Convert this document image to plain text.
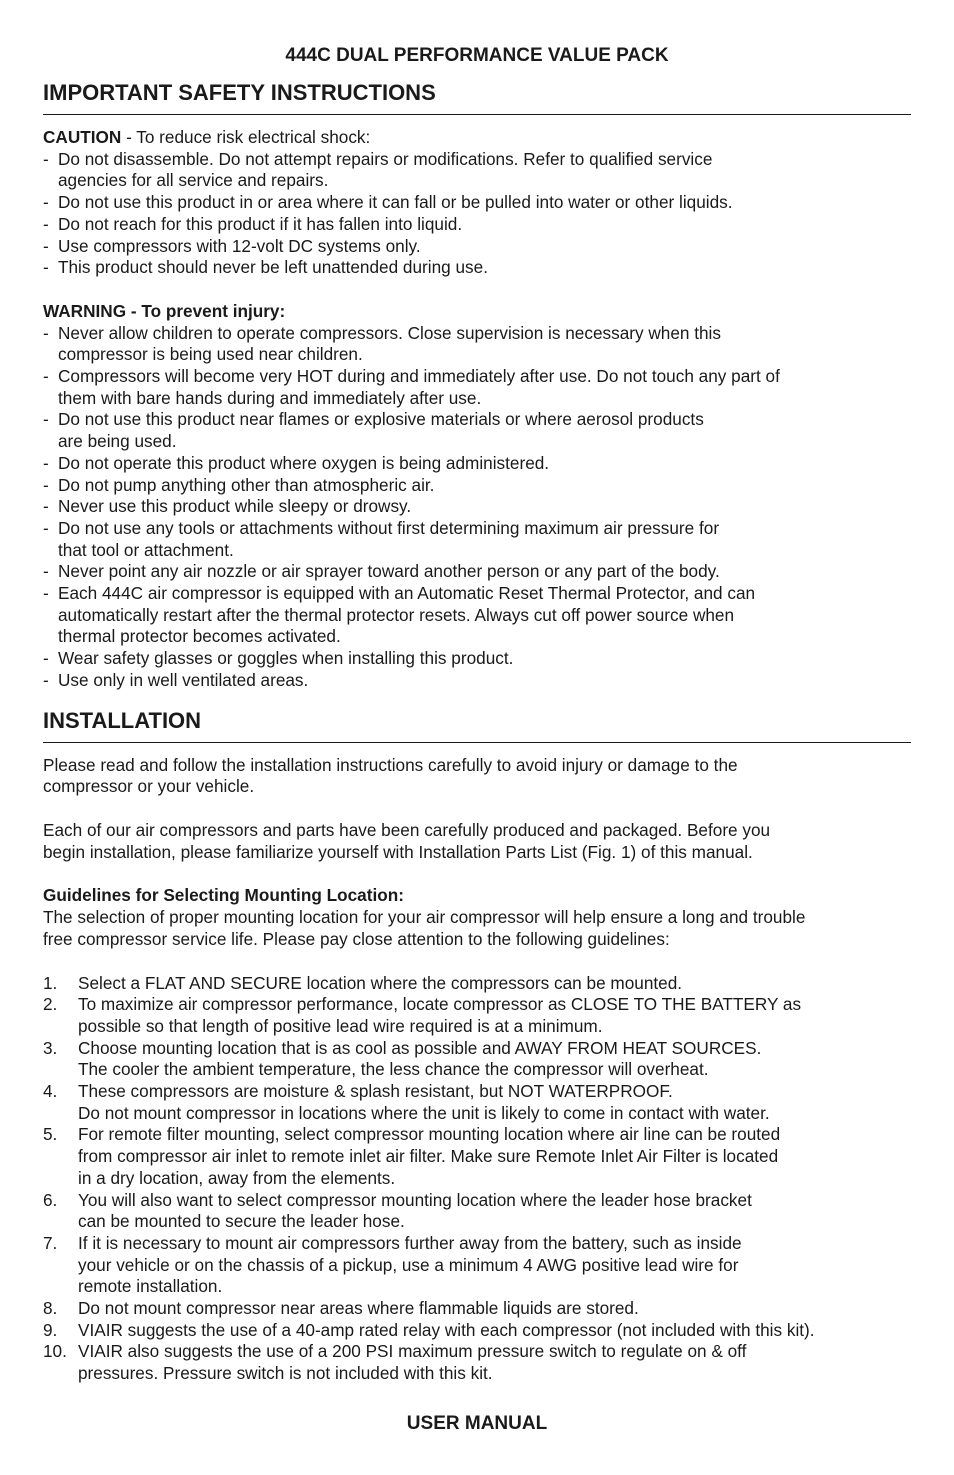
444C DUAL PERFORMANCE VALUE PACK
IMPORTANT SAFETY INSTRUCTIONS
CAUTION - To reduce risk electrical shock:
- Do not disassemble. Do not attempt repairs or modifications. Refer to qualified service
agencies for all service and repairs.
- Do not use this product in or area where it can fall or be pulled into water or other liquids.
- Do not reach for this product if it has fallen into liquid.
- Use compressors with 12-volt DC systems only.
- This product should never be left unattended during use.
WARNING - To prevent injury:
- Never allow children to operate compressors. Close supervision is necessary when this
compressor is being used near children.
- Compressors will become very HOT during and immediately after use. Do not touch any part of
them with bare hands during and immediately after use.
- Do not use this product near flames or explosive materials or where aerosol products
are being used.
- Do not operate this product where oxygen is being administered.
- Do not pump anything other than atmospheric air.
- Never use this product while sleepy or drowsy.
- Do not use any tools or attachments without first determining maximum air pressure for
that tool or attachment.
- Never point any air nozzle or air sprayer toward another person or any part of the body.
- Each 444C air compressor is equipped with an Automatic Reset Thermal Protector, and can
automatically restart after the thermal protector resets. Always cut off power source when
thermal protector becomes activated.
- Wear safety glasses or goggles when installing this product.
- Use only in well ventilated areas.
INSTALLATION
Please read and follow the installation instructions carefully to avoid injury or damage to the
compressor or your vehicle.
Each of our air compressors and parts have been carefully produced and packaged. Before you
begin installation, please familiarize yourself with Installation Parts List (Fig. 1) of this manual.
Guidelines for Selecting Mounting Location:
The selection of proper mounting location for your air compressor will help ensure a long and trouble
free compressor service life. Please pay close attention to the following guidelines:
1. Select a FLAT AND SECURE location where the compressors can be mounted.
2. To maximize air compressor performance, locate compressor as CLOSE TO THE BATTERY as
possible so that length of positive lead wire required is at a minimum.
3. Choose mounting location that is as cool as possible and AWAY FROM HEAT SOURCES.
The cooler the ambient temperature, the less chance the compressor will overheat.
4. These compressors are moisture & splash resistant, but NOT WATERPROOF.
Do not mount compressor in locations where the unit is likely to come in contact with water.
5. For remote filter mounting, select compressor mounting location where air line can be routed
from compressor air inlet to remote inlet air filter. Make sure Remote Inlet Air Filter is located
in a dry location, away from the elements.
6. You will also want to select compressor mounting location where the leader hose bracket
can be mounted to secure the leader hose.
7. If it is necessary to mount air compressors further away from the battery, such as inside
your vehicle or on the chassis of a pickup, use a minimum 4 AWG positive lead wire for
remote installation.
8. Do not mount compressor near areas where flammable liquids are stored.
9. VIAIR suggests the use of a 40-amp rated relay with each compressor (not included with this kit).
10. VIAIR also suggests the use of a 200 PSI maximum pressure switch to regulate on & off
pressures. Pressure switch is not included with this kit.
USER MANUAL
